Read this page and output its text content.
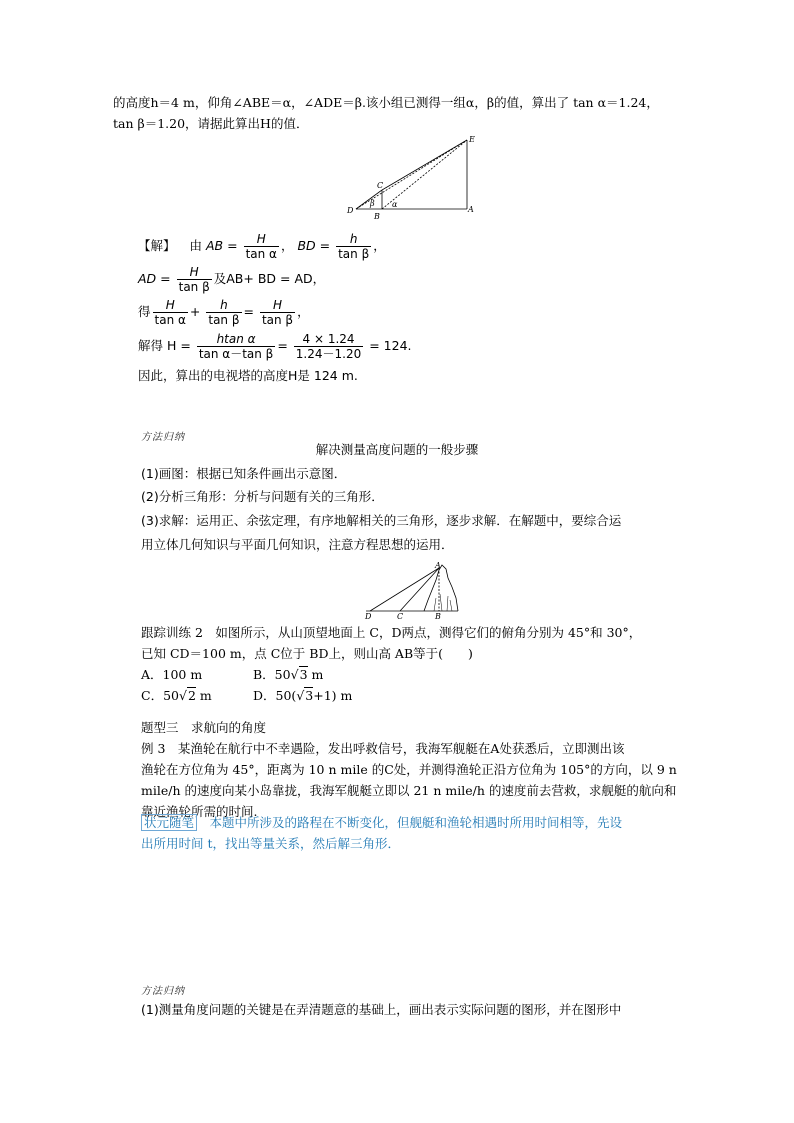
的高度h＝4 m，仰角∠ABE＝α，∠ADE＝β.该小组已测得一组α，β的值，算出了 tan α＝1.24，
tan β＝1.20，请据此算出H的值．
E
C
β α
D
B
A
【解】 由 AB = $\frac{H}{\text{tan α}}$ ， BD = $\frac{h}{\text{tan β}}$ ，
AD = $\frac{H}{\text{tan β}}$ 及AB+ BD = AD，
得 $\frac{H}{\text{tan α}} + \frac{h}{\text{tan β}} = \frac{H}{\text{tan β}}$ ，
解得 $H = \frac{\text{htan α}}{\text{tan α－tan β}} = \frac{4 \times 1.24}{1.24-1.20} = 124$.
因此，算出的电视塔的高度H是 124 m.
方法归纳
解决测量高度问题的一般步骤
(1)画图：根据已知条件画出示意图．
(2)分析三角形：分析与问题有关的三角形．
(3)求解：运用正、余弦定理，有序地解相关的三角形，逐步求解．在解题中，要综合运
用立体几何知识与平面几何知识，注意方程思想的运用．
A
D	C	B
跟踪训练 2　如图所示，从山顶望地面上 C，D两点，测得它们的俯角分别为 45°和 30°，
已知 CD＝100 m，点 C位于 BD上，则山高 AB等于(　　)
A．100 m	B．50√3 m
C．50√2 m	D．50(√3+1) m
题型三　求航向的角度
例 3　某渔轮在航行中不幸遇险，发出呼救信号，我海军舰艇在A处获悉后，立即测出该
渔轮在方位角为 45°，距离为 10 n mile 的C处，并测得渔轮正沿方位角为 105°的方向，以 9 n
mile/h 的速度向某小岛靠拢，我海军舰艇立即以 21 n mile/h 的速度前去营救，求舰艇的航向和
靠近渔轮所需的时间.
状元随笔　本题中所涉及的路程在不断变化，但舰艇和渔轮相遇时所用时间相等，先设
出所用时间 t，找出等量关系，然后解三角形．
方法归纳
(1)测量角度问题的关键是在弄清题意的基础上，画出表示实际问题的图形，并在图形中
